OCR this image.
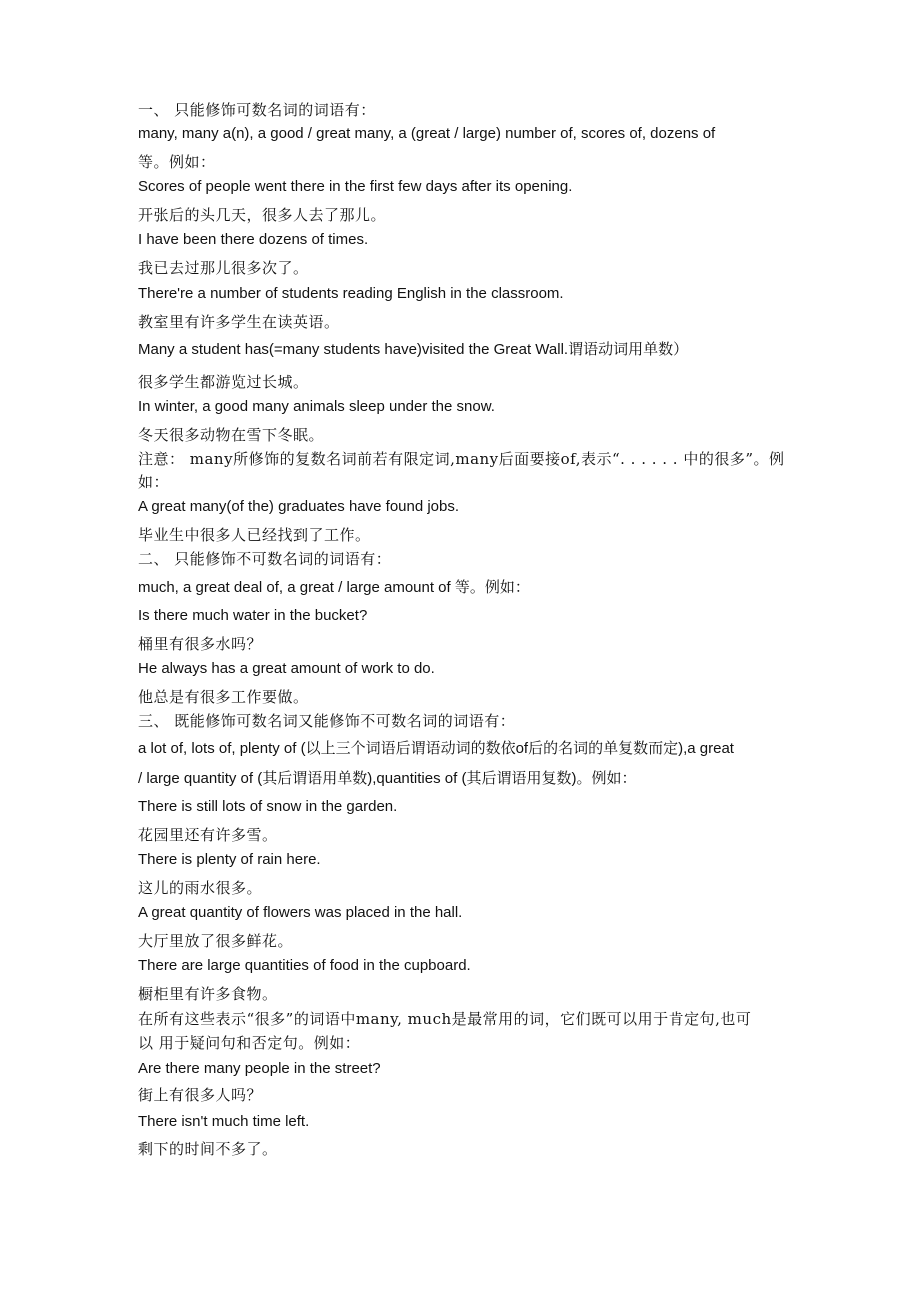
一、 只能修饰可数名词的词语有：
many, many a(n), a good / great many, a (great / large) number of, scores of, dozens of
等。例如：
Scores of people went there in the first few days after its opening.
开张后的头几天，很多人去了那儿。
I have been there dozens of times.
我已去过那儿很多次了。
There're a number of students reading English in the classroom.
教室里有许多学生在读英语。
Many a student has(=many students have)visited the Great Wall.谓语动词用单数）
很多学生都游览过长城。
In winter, a good many animals sleep under the snow.
冬天很多动物在雪下冬眠。
注意： many所修饰的复数名词前若有限定词,many后面要接of,表示“. . . . . . 中的很多”。例
如：
A great many(of the) graduates have found jobs.
毕业生中很多人已经找到了工作。
二、 只能修饰不可数名词的词语有：
much, a great deal of, a great / large amount of 等。例如：
Is there much water in the bucket?
桶里有很多水吗？
He always has a great amount of work to do.
他总是有很多工作要做。
三、 既能修饰可数名词又能修饰不可数名词的词语有：
a lot of, lots of, plenty of (以上三个词语后谓语动词的数依of后的名词的单复数而定),a great
/ large quantity of (其后谓语用单数),quantities of (其后谓语用复数)。例如：
There is still lots of snow in the garden.
花园里还有许多雪。
There is plenty of rain here.
这儿的雨水很多。
A great quantity of flowers was placed in the hall.
大厅里放了很多鲜花。
There are large quantities of food in the cupboard.
橱柜里有许多食物。
在所有这些表示“很多”的词语中many, much是最常用的词，它们既可以用于肯定句,也可
以 用于疑问句和否定句。例如：
Are there many people in the street?
街上有很多人吗？
There isn't much time left.
剩下的时间不多了。
